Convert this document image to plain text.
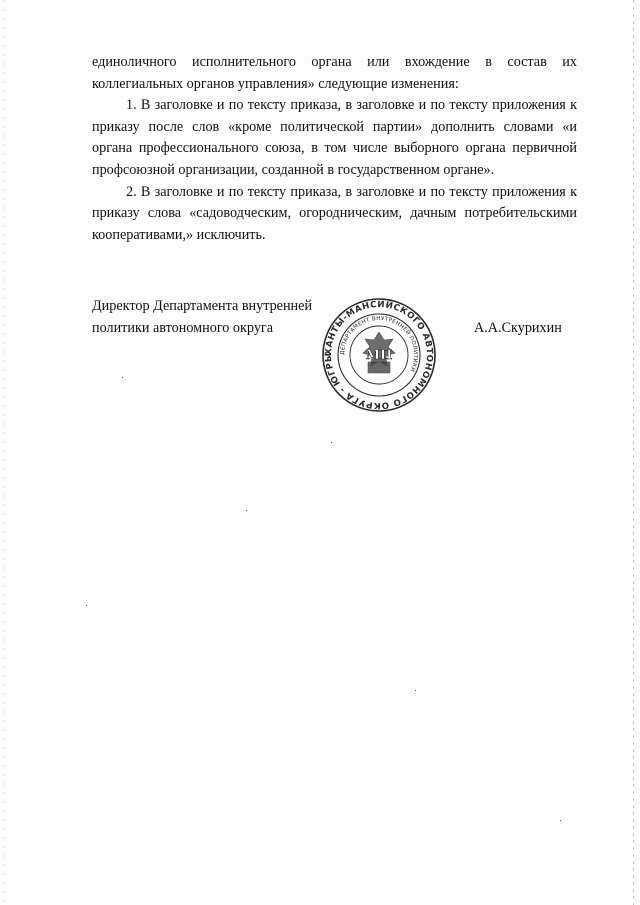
единоличного исполнительного органа или вхождение в состав их коллегиальных органов управления» следующие изменения:

1. В заголовке и по тексту приказа, в заголовке и по тексту приложения к приказу после слов «кроме политической партии» дополнить словами «и органа профессионального союза, в том числе выборного органа первичной профсоюзной организации, созданной в государственном органе».

2. В заголовке и по тексту приказа, в заголовке и по тексту приложения к приказу слова «садоводческим, огородническим, дачным потребительскими кооперативами,» исключить.

Директор Департамента внутренней
политики автономного округа	А.А.Скурихин
ХАНТЫ-МАНСИЙСКОГО АВТОНОМНОГО ОКРУГА - ЮГРЫ	ДЕПАРТАМЕНТ ВНУТРЕННЕЙ ПОЛИТИКИ
МП
